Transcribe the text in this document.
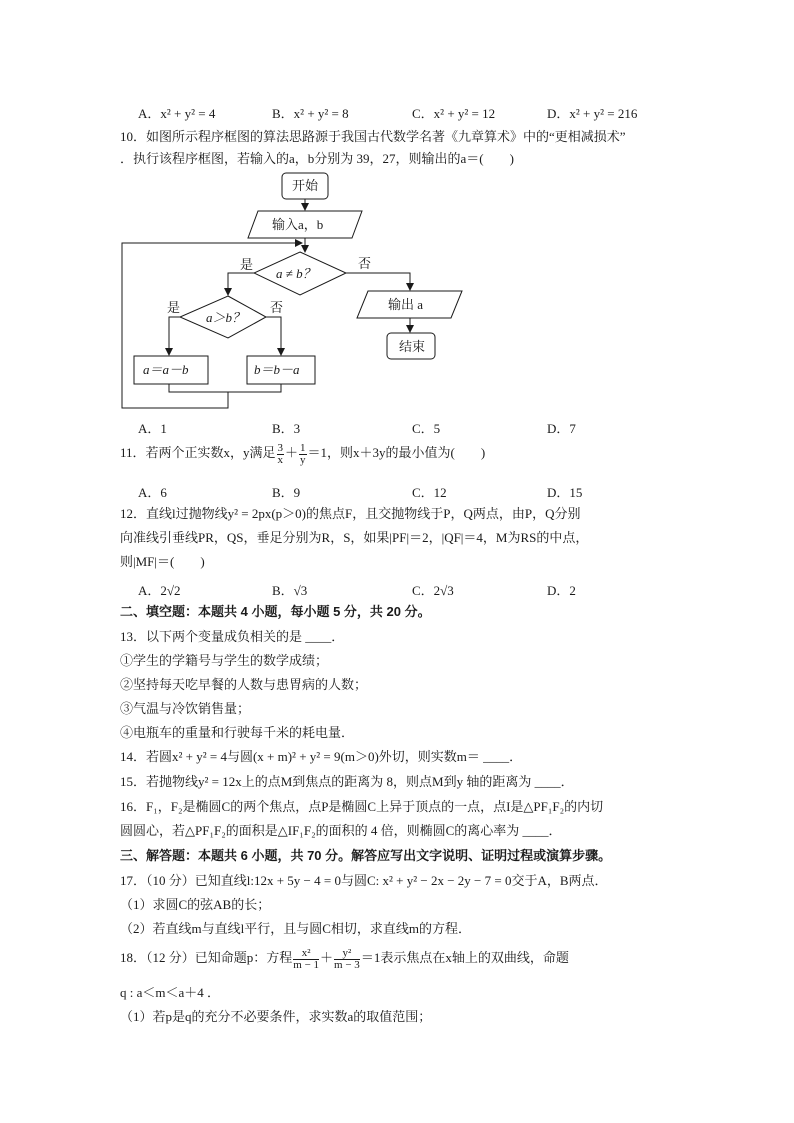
A．x² + y² = 4	B．x² + y² = 8	C．x² + y² = 12	D．x² + y² = 216
10．如图所示程序框图的算法思路源于我国古代数学名著《九章算术》中的“更相减损术”
．执行该程序框图，若输入的a，b分别为 39，27，则输出的a＝(　　)
开始
输入a，b
a ≠ b？
是	否
a＞b？
是	否
a＝a－b	b＝b－a
输出 a
结束
A．1	B．3	C．5	D．7
11．若两个正实数x，y满足 $\frac{3}{x} + \frac{1}{y} =1$，则x＋3y的最小值为(　　)
A．6	B．9	C．12	D．15
12．直线l过抛物线y² = 2px(p＞0)的焦点F，且交抛物线于P，Q两点，由P，Q分别
向准线引垂线PR，QS，垂足分别为R，S，如果|PF|＝2，|QF|＝4，M为RS的中点，
则|MF|＝(　　)
A．2√2	B．√3	C．2√3	D．2
二、填空题：本题共 4 小题，每小题 5 分，共 20 分。
13．以下两个变量成负相关的是 ____．
①学生的学籍号与学生的数学成绩；
②坚持每天吃早餐的人数与患胃病的人数；
③气温与冷饮销售量；
④电瓶车的重量和行驶每千米的耗电量．
14．若圆x² + y² = 4与圆(x + m)² + y² = 9(m＞0)外切，则实数m＝ ____．
15．若抛物线y² = 12x上的点M到焦点的距离为 8，则点M到y 轴的距离为 ____．
16．F₁，F₂是椭圆C的两个焦点，点P是椭圆C上异于顶点的一点，点I是△PF₁F₂的内切
圆圆心，若△PF₁F₂的面积是△IF₁F₂的面积的 4 倍，则椭圆C的离心率为 ____．
三、解答题：本题共 6 小题，共 70 分。解答应写出文字说明、证明过程或演算步骤。
17．（10 分）已知直线l:12x + 5y − 4 = 0与圆C: x² + y² − 2x − 2y − 7 = 0交于A，B两点．
（1）求圆C的弦AB的长；
（2）若直线m与直线l平行，且与圆C相切，求直线m的方程．
18．（12 分）已知命题p：方程 $\frac{\text{x²}}{m - 1} + \frac{\text{y²}}{m - 3} =1$表示焦点在x轴上的双曲线，命题
q : a＜m＜a＋4 ．
（1）若p是q的充分不必要条件，求实数a的取值范围；
